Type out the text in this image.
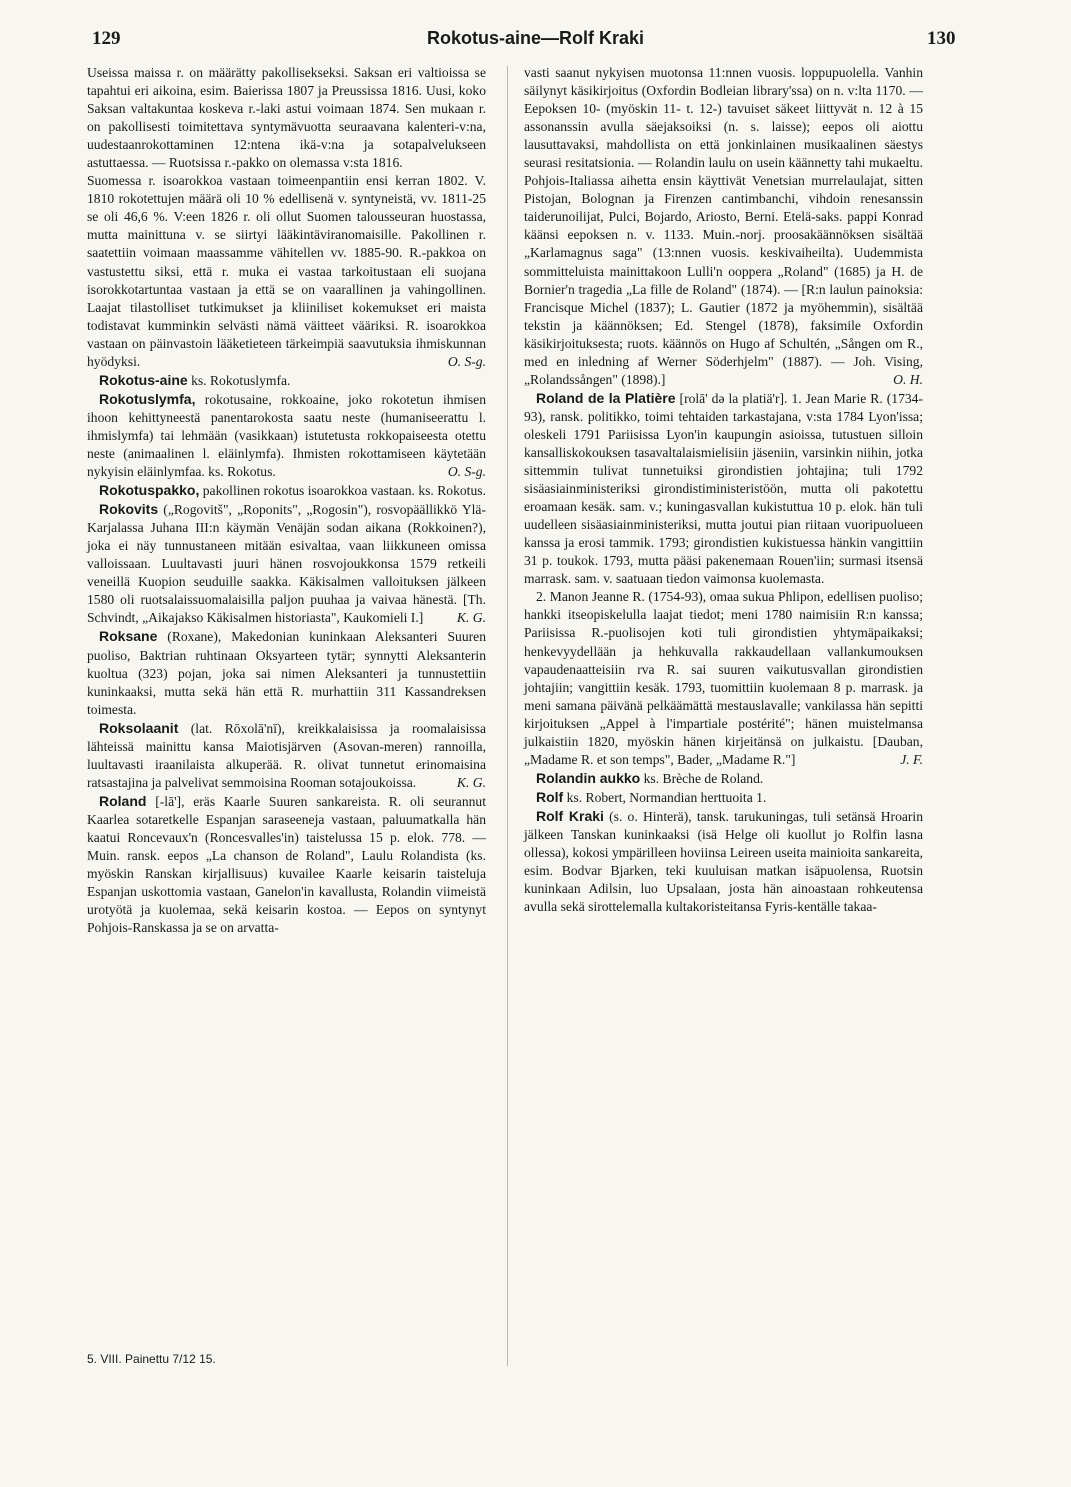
129	Rokotus-aine—Rolf Kraki	130

Useissa maissa r. on määrätty pakollisekseksi. Saksan eri valtioissa se tapahtui eri aikoina, esim. Baierissa 1807 ja Preussissa 1816. Uusi, koko Saksan valtakuntaa koskeva r.-laki astui voimaan 1874. Sen mukaan r. on pakollisesti toimitettava syntymävuotta seuraavana kalenteri-v:na, uudestaanrokottaminen 12:ntena ikä-v:na ja sotapalvelukseen astuttaessa. — Ruotsissa r.-pakko on olemassa v:sta 1816.

Suomessa r. isoarokkoa vastaan toimeenpantiin ensi kerran 1802. V. 1810 rokotettujen määrä oli 10 % edellisenä v. syntyneistä, vv. 1811-25 se oli 46,6 %. V:een 1826 r. oli ollut Suomen talousseuran huostassa, mutta mainittuna v. se siirtyi lääkintäviranomaisille. Pakollinen r. saatettiin voimaan maassamme vähitellen vv. 1885-90. R.-pakkoa on vastustettu siksi, että r. muka ei vastaa tarkoitustaan eli suojana isorokkotartuntaa vastaan ja että se on vaarallinen ja vahingollinen. Laajat tilastolliset tutkimukset ja kliiniliset kokemukset eri maista todistavat kumminkin selvästi nämä väitteet vääriksi. R. isoarokkoa vastaan on päinvastoin lääketieteen tärkeimpiä saavutuksia ihmiskunnan hyödyksi.	O. S-g.

Rokotus-aine ks. Rokotuslymfa.

Rokotuslymfa, rokotusaine, rokkoaine, joko rokotetun ihmisen ihoon kehittyneestä panentarokosta saatu neste (humaniseerattu l. ihmislymfa) tai lehmään (vasikkaan) istutetusta rokkopaiseesta otettu neste (animaalinen l. eläinlymfa). Ihmisten rokottamiseen käytetään nykyisin eläinlymfaa. ks. Rokotus.	O. S-g.

Rokotuspakko, pakollinen rokotus isoarokkoa vastaan. ks. Rokotus.

Rokovits („Rogovitš", „Roponits", „Rogosin"), rosvopäällikkö Ylä-Karjalassa Juhana III:n käymän Venäjän sodan aikana (Rokkoinen?), joka ei näy tunnustaneen mitään esivaltaa, vaan liikkuneen omissa valloissaan. Luultavasti juuri hänen rosvojoukkonsa 1579 retkeili veneillä Kuopion seuduille saakka. Käkisalmen valloituksen jälkeen 1580 oli ruotsalaissuomalaisilla paljon puuhaa ja vaivaa hänestä. [Th. Schvindt, „Aikajakso Käkisalmen historiasta", Kaukomieli I.]	K. G.

Roksane (Roxane), Makedonian kuninkaan Aleksanteri Suuren puoliso, Baktrian ruhtinaan Oksyarteen tytär; synnytti Aleksanterin kuoltua (323) pojan, joka sai nimen Aleksanteri ja tunnustettiin kuninkaaksi, mutta sekä hän että R. murhattiin 311 Kassandreksen toimesta.

Roksolaanit (lat. Rōxolā'nī), kreikkalaisissa ja roomalaisissa lähteissä mainittu kansa Maiotisjärven (Asovan-meren) rannoilla, luultavasti iraanilaista alkuperää. R. olivat tunnetut erinomaisina ratsastajina ja palvelivat semmoisina Rooman sotajoukoissa.	K. G.

Roland [-lā'], eräs Kaarle Suuren sankareista. R. oli seurannut Kaarlea sotaretkelle Espanjan saraseeneja vastaan, paluumatkalla hän kaatui Roncevaux'n (Roncesvalles'in) taistelussa 15 p. elok. 778. — Muin. ransk. eepos „La chanson de Roland", Laulu Rolandista (ks. myöskin Ranskan kirjallisuus) kuvailee Kaarle keisarin taisteluja Espanjan uskottomia vastaan, Ganelon'in kavallusta, Rolandin viimeistä urotyötä ja kuolemaa, sekä keisarin kostoa. — Eepos on syntynyt Pohjois-Ranskassa ja se on arvatta-

vasti saanut nykyisen muotonsa 11:nnen vuosis. loppupuolella. Vanhin säilynyt käsikirjoitus (Oxfordin Bodleian library'ssa) on n. v:lta 1170. — Eepoksen 10- (myöskin 11- t. 12-) tavuiset säkeet liittyvät n. 12 à 15 assonanssin avulla säejaksoiksi (n. s. laisse); eepos oli aiottu lausuttavaksi, mahdollista on että jonkinlainen musikaalinen säestys seurasi resitatsionia. — Rolandin laulu on usein käännetty tahi mukaeltu. Pohjois-Italiassa aihetta ensin käyttivät Venetsian murrelaulajat, sitten Pistojan, Bolognan ja Firenzen cantimbanchi, vihdoin renesanssin taiderunoilijat, Pulci, Bojardo, Ariosto, Berni. Etelä-saks. pappi Konrad käänsi eepoksen n. v. 1133. Muin.-norj. proosakäännöksen sisältää „Karlamagnus saga" (13:nnen vuosis. keskivaiheilta). Uudemmista sommitteluista mainittakoon Lulli'n ooppera „Roland" (1685) ja H. de Bornier'n tragedia „La fille de Roland" (1874). — [R:n laulun painoksia: Francisque Michel (1837); L. Gautier (1872 ja myöhemmin), sisältää tekstin ja käännöksen; Ed. Stengel (1878), faksimile Oxfordin käsikirjoituksesta; ruots. käännös on Hugo af Schultén, „Sången om R., med en inledning af Werner Söderhjelm" (1887). — Joh. Vising, „Rolandssången" (1898).]	O. H.

Roland de la Platière [rolā' də la platiä'r]. 1. Jean Marie R. (1734-93), ransk. politikko, toimi tehtaiden tarkastajana, v:sta 1784 Lyon'issa; oleskeli 1791 Pariisissa Lyon'in kaupungin asioissa, tutustuen silloin kansalliskokouksen tasavaltalaismielisiin jäseniin, varsinkin niihin, jotka sittemmin tulivat tunnetuiksi girondistien johtajina; tuli 1792 sisäasiainministeriksi girondistiministeristöön, mutta oli pakotettu eroamaan kesäk. sam. v.; kuningasvallan kukistuttua 10 p. elok. hän tuli uudelleen sisäasiainministeriksi, mutta joutui pian riitaan vuoripuolueen kanssa ja erosi tammik. 1793; girondistien kukistuessa hänkin vangittiin 31 p. toukok. 1793, mutta pääsi pakenemaan Rouen'iin; surmasi itsensä marrask. sam. v. saatuaan tiedon vaimonsa kuolemasta.

2. Manon Jeanne R. (1754-93), omaa sukua Phlipon, edellisen puoliso; hankki itseopiskelulla laajat tiedot; meni 1780 naimisiin R:n kanssa; Pariisissa R.-puolisojen koti tuli girondistien yhtymäpaikaksi; henkevyydellään ja hehkuvalla rakkaudellaan vallankumouksen vapaudenaatteisiin rva R. sai suuren vaikutusvallan girondistien johtajiin; vangittiin kesäk. 1793, tuomittiin kuolemaan 8 p. marrask. ja meni samana päivänä pelkäämättä mestauslavalle; vankilassa hän sepitti kirjoituksen „Appel à l'impartiale postérité"; hänen muistelmansa julkaistiin 1820, myöskin hänen kirjeitänsä on julkaistu. [Dauban, „Madame R. et son temps", Bader, „Madame R."]	J. F.

Rolandin aukko ks. Brèche de Roland.

Rolf ks. Robert, Normandian herttuoita 1.

Rolf Kraki (s. o. Hinterä), tansk. tarukuningas, tuli setänsä Hroarin jälkeen Tanskan kuninkaaksi (isä Helge oli kuollut jo Rolfin lasna ollessa), kokosi ympärilleen hoviinsa Leireen useita mainioita sankareita, esim. Bodvar Bjarken, teki kuuluisan matkan isäpuolensa, Ruotsin kuninkaan Adilsin, luo Upsalaan, josta hän ainoastaan rohkeutensa avulla sekä sirottelemalla kultakoristeitansa Fyris-kentälle takaa-

5. VIII. Painettu 7/12 15.
